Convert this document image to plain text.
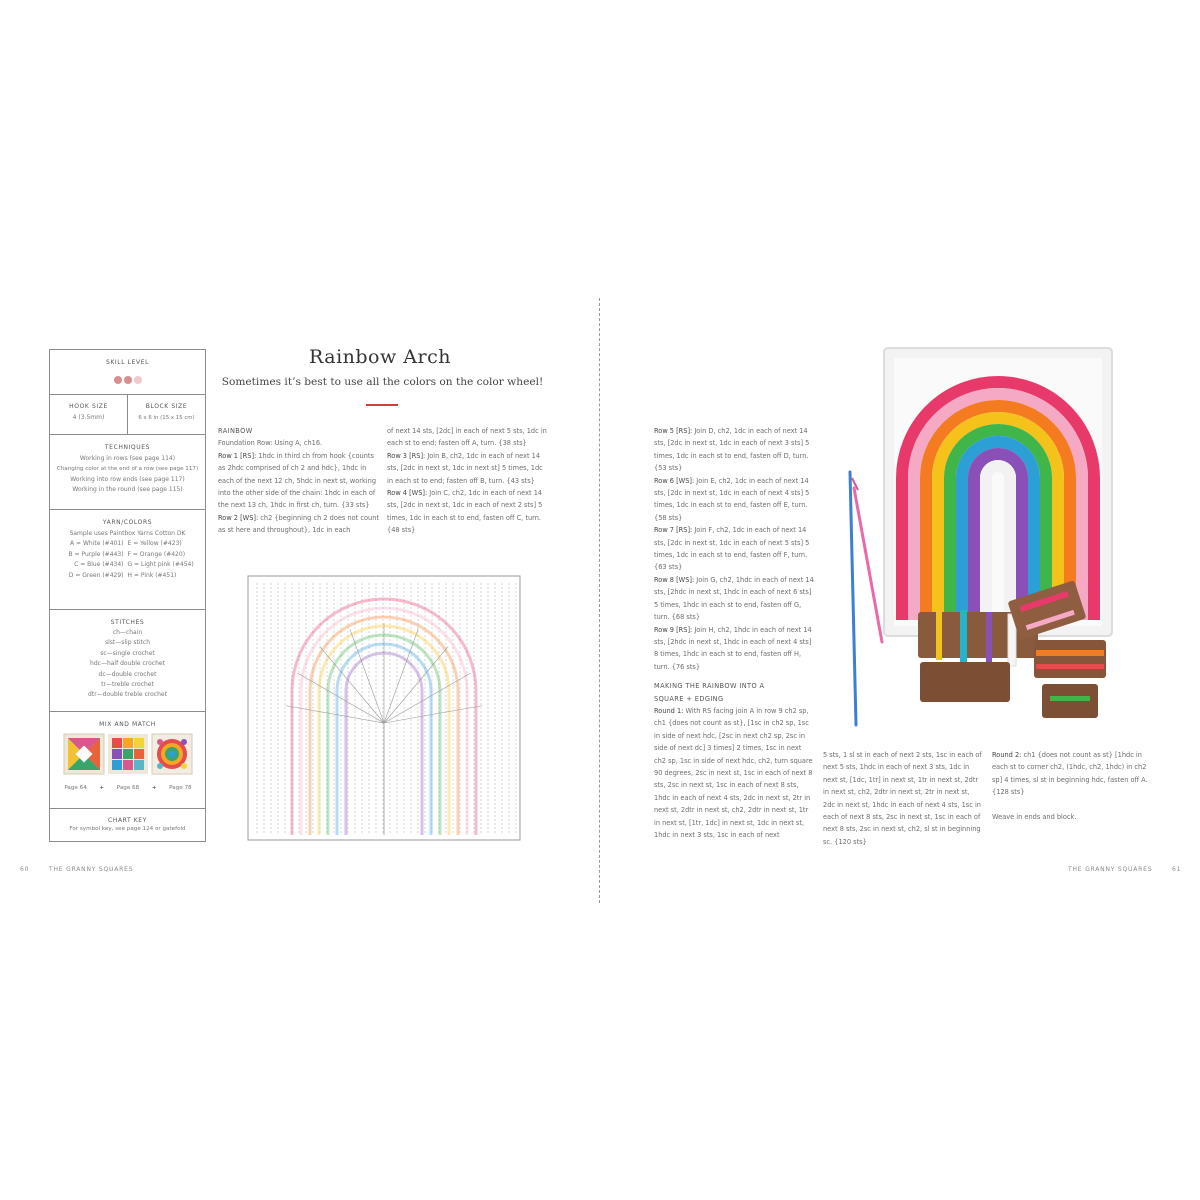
SKILL LEVEL
HOOK SIZE
4 (3.5mm)
BLOCK SIZE
6 x 6 in (15 x 15 cm)
TECHNIQUES
Working in rows (see page 114)
Changing color at the end of a row (see page 117)
Working into row ends (see page 117)
Working in the round (see page 115)
YARN/COLORS
Sample uses Paintbox Yarns Cotton DK
A = White (#401) E = Yellow (#423)
B = Purple (#443) F = Orange (#420)
C = Blue (#434) G = Light pink (#454)
D = Green (#429) H = Pink (#451)
STITCHES
ch—chain
slst—slip stitch
sc—single crochet
hdc—half double crochet
dc—double crochet
tr—treble crochet
dtr—double treble crochet
MIX AND MATCH
Page 64 + Page 68 + Page 78
CHART KEY
For symbol key, see page 124 or gatefold
Rainbow Arch
Sometimes it’s best to use all the colors on the color wheel!

RAINBOW

Foundation Row: Using A, ch16.

Row 1 [RS]: 1hdc in third ch from hook {counts as 2hdc comprised of ch 2 and hdc}, 1hdc in each of the next 12 ch, 5hdc in next st, working into the other side of the chain: 1hdc in each of the next 13 ch, 1hdc in first ch, turn. {33 sts}

Row 2 [WS]: ch2 {beginning ch 2 does not count as st here and throughout}, 1dc in each

of next 14 sts, [2dc] in each of next 5 sts, 1dc in each st to end; fasten off A, turn. {38 sts}

Row 3 [RS]: Join B, ch2, 1dc in each of next 14 sts, [2dc in next st, 1dc in next st] 5 times, 1dc in each st to end; fasten off B, turn. {43 sts}

Row 4 [WS]: Join C, ch2, 1dc in each of next 14 sts, [2dc in next st, 1dc in each of next 2 sts] 5 times, 1dc in each st to end, fasten off C, turn. {48 sts}

60	THE GRANNY SQUARES

Row 5 [RS]: Join D, ch2, 1dc in each of next 14 sts, [2dc in next st, 1dc in each of next 3 sts] 5 times, 1dc in each st to end, fasten off D, turn. {53 sts}

Row 6 [WS]: Join E, ch2, 1dc in each of next 14 sts, [2dc in next st, 1dc in each of next 4 sts] 5 times, 1dc in each st to end, fasten off E, turn. {58 sts}

Row 7 [RS]: Join F, ch2, 1dc in each of next 14 sts, [2dc in next st, 1dc in each of next 5 sts] 5 times, 1dc in each st to end, fasten off F, turn. {63 sts}

Row 8 [WS]: Join G, ch2, 1hdc in each of next 14 sts, [2hdc in next st, 1hdc in each of next 6 sts] 5 times, 1hdc in each st to end, fasten off G, turn. {68 sts}

Row 9 [RS]: Join H, ch2, 1hdc in each of next 14 sts, [2hdc in next st, 1hdc in each of next 4 sts] 8 times, 1hdc in each st to end, fasten off H, turn. {76 sts}

MAKING THE RAINBOW INTO A

SQUARE + EDGING

Round 1: With RS facing join A in row 9 ch2 sp, ch1 {does not count as st}, [1sc in ch2 sp, 1sc in side of next hdc, [2sc in next ch2 sp, 2sc in side of next dc] 3 times] 2 times, 1sc in next ch2 sp, 1sc in side of next hdc, ch2, turn square 90 degrees, 2sc in next st, 1sc in each of next 8 sts, 2sc in next st, 1sc in each of next 8 sts, 1hdc in each of next 4 sts, 2dc in next st, 2tr in next st, 2dtr in next st, ch2, 2dtr in next st, 1tr in next st, [1tr, 1dc] in next st, 1dc in next st, 1hdc in next 3 sts, 1sc in each of next

5 sts, 1 sl st in each of next 2 sts, 1sc in each of next 5 sts, 1hdc in each of next 3 sts, 1dc in next st, [1dc, 1tr] in next st, 1tr in next st, 2dtr in next st, ch2, 2dtr in next st, 2tr in next st, 2dc in next st, 1hdc in each of next 4 sts, 1sc in each of next 8 sts, 2sc in next st, 1sc in each of next 8 sts, 2sc in next st, ch2, sl st in beginning sc. {120 sts}

Round 2: ch1 {does not count as st} [1hdc in each st to corner ch2, (1hdc, ch2, 1hdc) in ch2 sp] 4 times, sl st in beginning hdc, fasten off A. {128 sts}

Weave in ends and block.

THE GRANNY SQUARES	61
